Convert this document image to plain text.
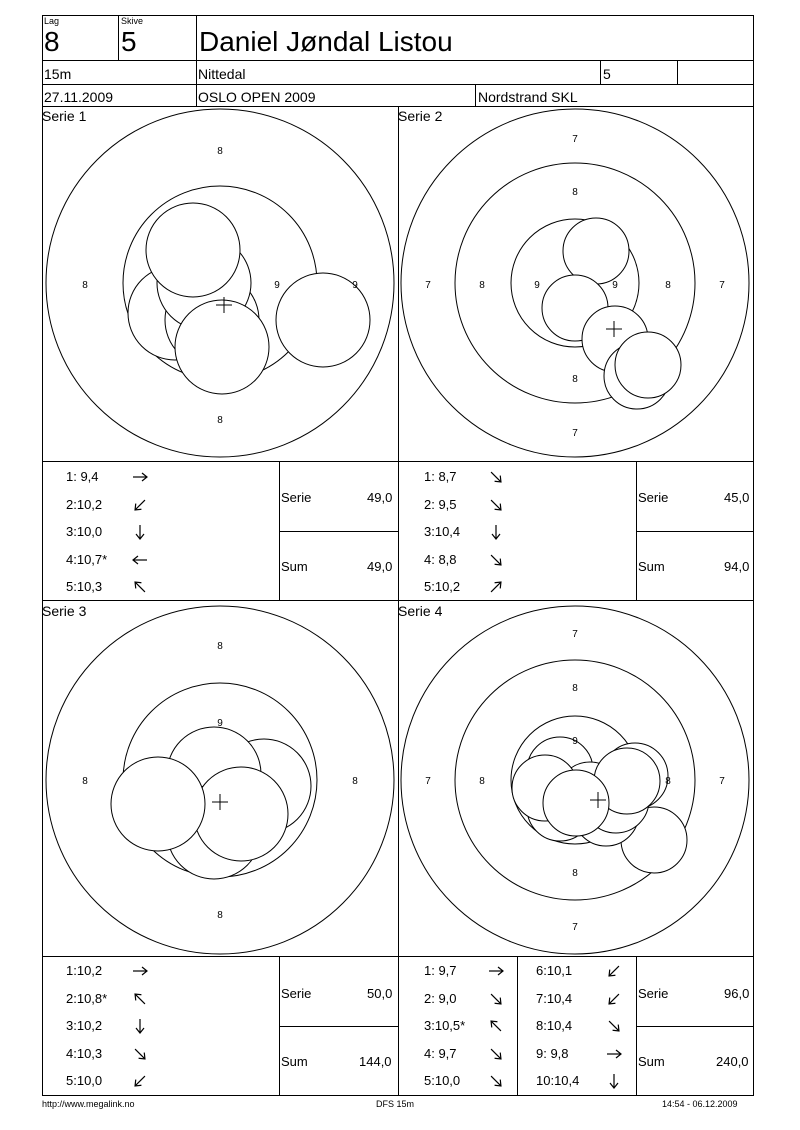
Lag
8
Skive
5 Daniel Jøndal Listou
15m	Nittedal	5
27.11.2009	OSLO OPEN 2009	Nordstrand SKL
Serie 1	Serie 2
Serie 3	Serie 4
8
8
8	9	9
7
8
7	8	9	9	8	7
8
7
8
8
8	8
9
7
8
7	8
9
8
7
8	7
1: 9,4
2:10,2
3:10,0
4:10,7*
5:10,3
1: 8,7
2: 9,5
3:10,4
4: 8,8
5:10,2
1:10,2
2:10,8*
3:10,2
4:10,3
5:10,0
1: 9,7
2: 9,0
3:10,5*
4: 9,7
5:10,0
6:10,1
7:10,4
8:10,4
9: 9,8
10:10,4
Serie	49,0
Sum	49,0
Serie	45,0
Sum	94,0
Serie	50,0
Sum	144,0
Serie	96,0
Sum	240,0
http://www.megalink.no	DFS 15m	14:54 - 06.12.2009
